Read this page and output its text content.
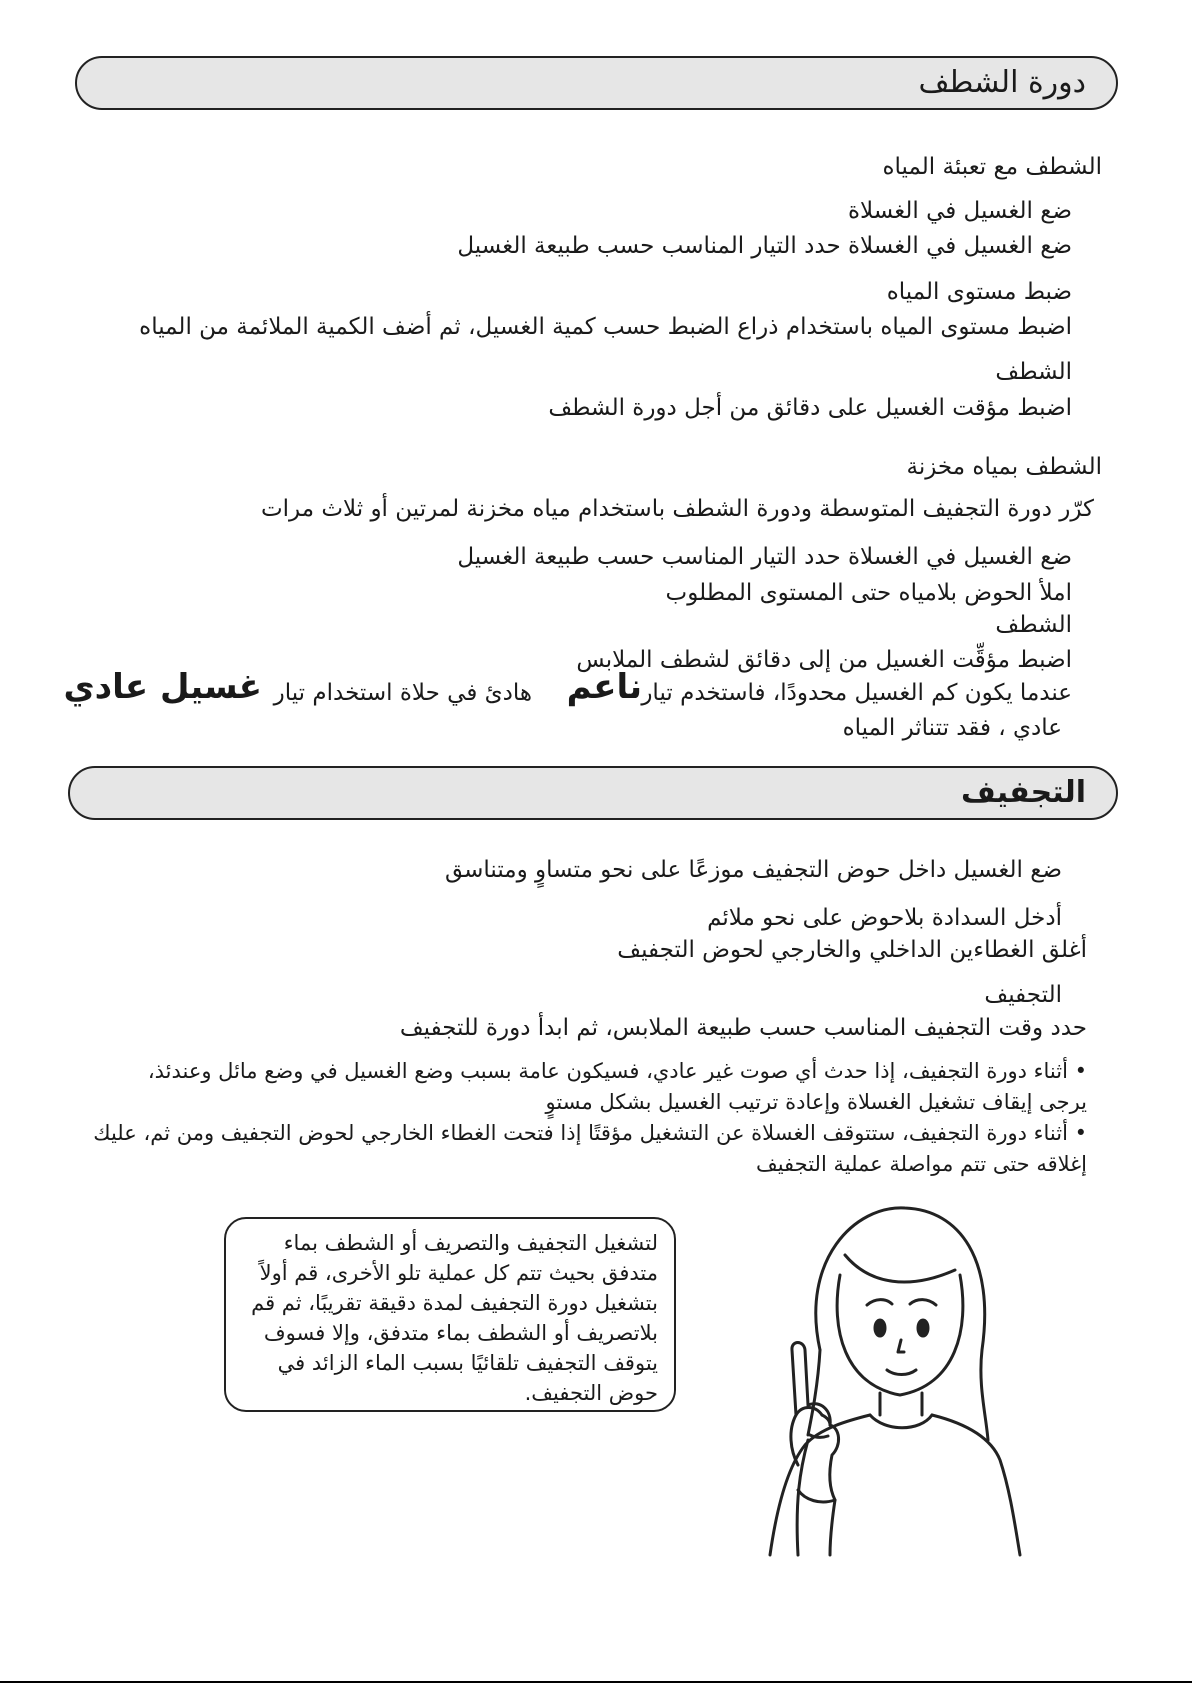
دورة الشطف
الشطف مع تعبئة المياه
ضع الغسيل في الغسلاة
ضع الغسيل في الغسلاة حدد التيار المناسب حسب طبيعة الغسيل
ضبط مستوى المياه
اضبط مستوى المياه باستخدام ذراع الضبط حسب كمية الغسيل، ثم أضف الكمية الملائمة من المياه
الشطف
اضبط مؤقت الغسيل على دقائق من أجل دورة الشطف
الشطف بمياه مخزنة
كرّر دورة التجفيف المتوسطة ودورة الشطف باستخدام مياه مخزنة لمرتين أو ثلاث مرات
ضع الغسيل في الغسلاة حدد التيار المناسب حسب طبيعة الغسيل
املأ الحوض بلامياه حتى المستوى المطلوب
الشطف
اضبط مؤقِّت الغسيل من إلى دقائق لشطف الملابس
عندما يكون كم الغسيل محدودًا، فاستخدم تيار
ناعم
هادئ في حلاة استخدام تيار
غسيل عادي
عادي ، فقد تتناثر المياه
التجفيف
ضع الغسيل داخل حوض التجفيف موزعًا على نحو متساوٍ ومتناسق
أدخل السدادة بلاحوض على نحو ملائم
أغلق الغطاءين الداخلي والخارجي لحوض التجفيف
التجفيف
حدد وقت التجفيف المناسب حسب طبيعة الملابس، ثم ابدأ دورة للتجفيف
• أثناء دورة التجفيف، إذا حدث أي صوت غير عادي، فسيكون عامة بسبب وضع الغسيل في وضع مائل وعندئذ،
يرجى إيقاف تشغيل الغسلاة وإعادة ترتيب الغسيل بشكل مستوٍ
• أثناء دورة التجفيف، ستتوقف الغسلاة عن التشغيل مؤقتًا إذا فتحت الغطاء الخارجي لحوض التجفيف ومن ثم، عليك
إغلاقه حتى تتم مواصلة عملية التجفيف
لتشغيل التجفيف والتصريف أو الشطف بماء
متدفق بحيث تتم كل عملية تلو الأخرى، قم أولاً
بتشغيل دورة التجفيف لمدة دقيقة تقريبًا، ثم قم
بلاتصريف أو الشطف بماء متدفق، وإلا فسوف
يتوقف التجفيف تلقائيًا بسبب الماء الزائد في
حوض التجفيف.
